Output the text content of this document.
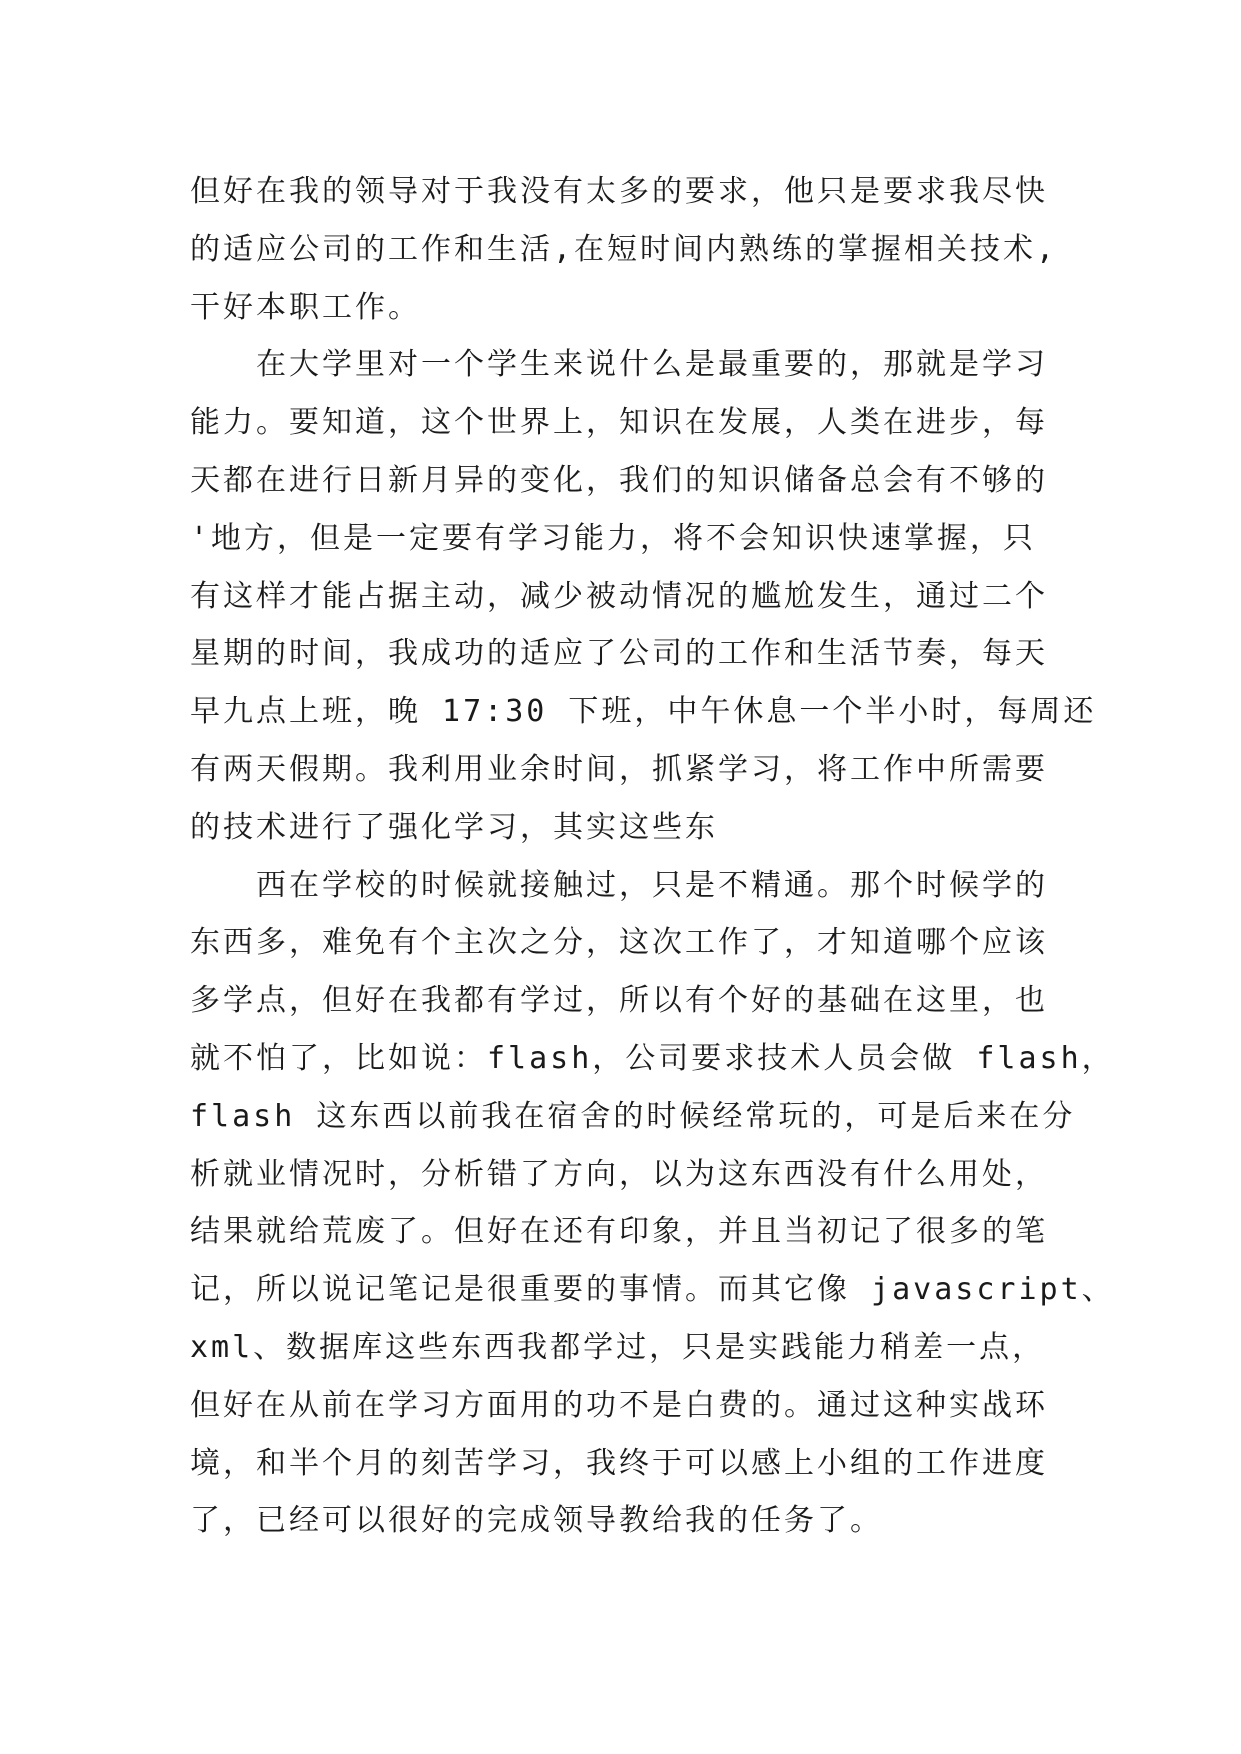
但好在我的领导对于我没有太多的要求，他只是要求我尽快
的适应公司的工作和生活,在短时间内熟练的掌握相关技术,
干好本职工作。
　　在大学里对一个学生来说什么是最重要的，那就是学习
能力。要知道，这个世界上，知识在发展，人类在进步，每
天都在进行日新月异的变化，我们的知识储备总会有不够的
'地方，但是一定要有学习能力，将不会知识快速掌握，只
有这样才能占据主动，减少被动情况的尴尬发生，通过二个
星期的时间，我成功的适应了公司的工作和生活节奏，每天
早九点上班，晚 17:30 下班，中午休息一个半小时，每周还
有两天假期。我利用业余时间，抓紧学习，将工作中所需要
的技术进行了强化学习，其实这些东
　　西在学校的时候就接触过，只是不精通。那个时候学的
东西多，难免有个主次之分，这次工作了，才知道哪个应该
多学点，但好在我都有学过，所以有个好的基础在这里，也
就不怕了，比如说：flash，公司要求技术人员会做 flash，
flash 这东西以前我在宿舍的时候经常玩的，可是后来在分
析就业情况时，分析错了方向，以为这东西没有什么用处，
结果就给荒废了。但好在还有印象，并且当初记了很多的笔
记，所以说记笔记是很重要的事情。而其它像 javascript、
xml、数据库这些东西我都学过，只是实践能力稍差一点，
但好在从前在学习方面用的功不是白费的。通过这种实战环
境，和半个月的刻苦学习，我终于可以感上小组的工作进度
了，已经可以很好的完成领导教给我的任务了。
